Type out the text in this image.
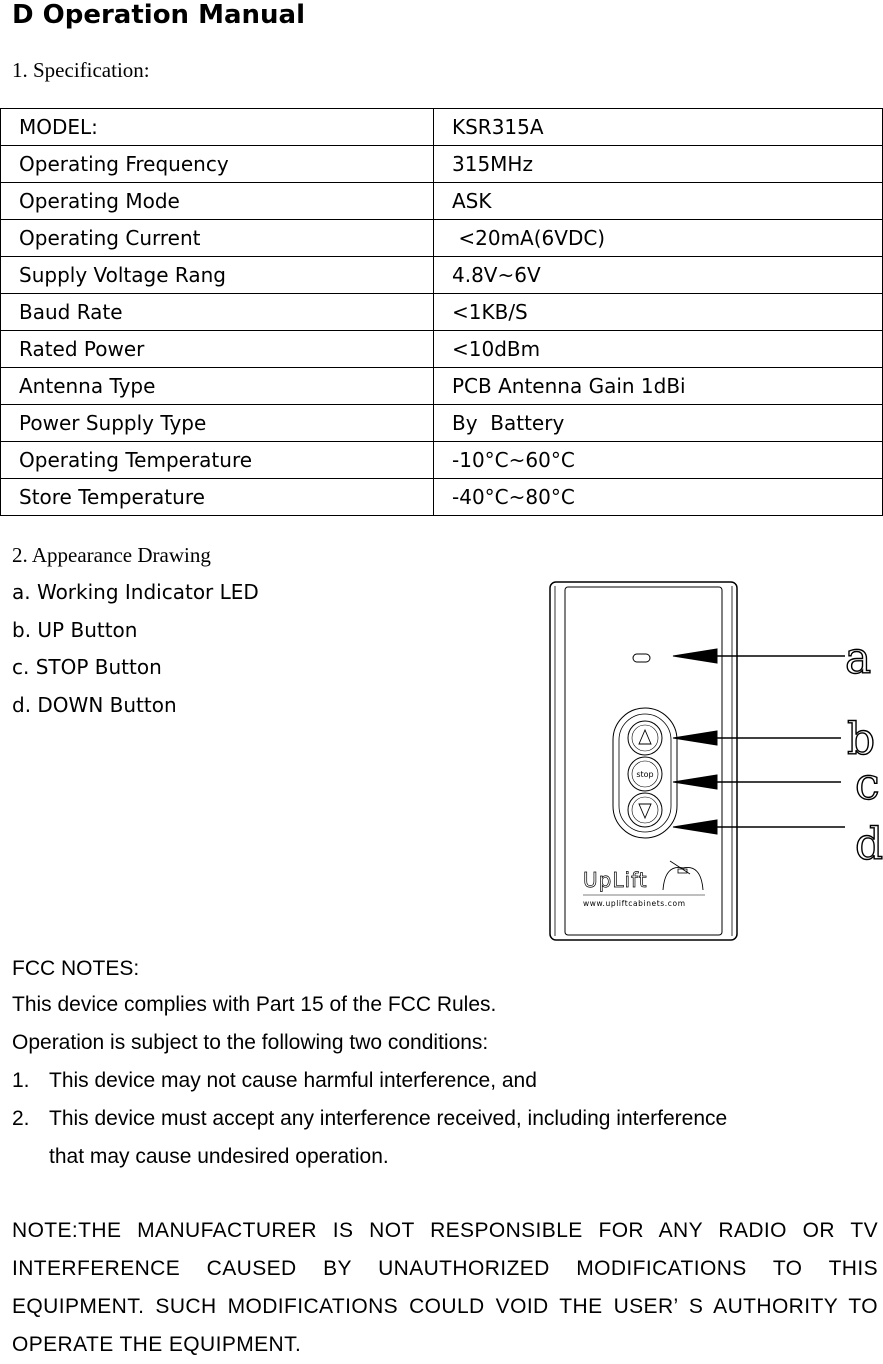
D Operation Manual
1. Specification:
MODEL:	KSR315A
Operating Frequency	315MHz
Operating Mode	ASK
Operating Current	<20mA(6VDC)
Supply Voltage Rang	4.8V~6V
Baud Rate	<1KB/S
Rated Power	<10dBm
Antenna Type	PCB Antenna Gain 1dBi
Power Supply Type	By  Battery
Operating Temperature	-10°C~60°C
Store Temperature	-40°C~80°C
2. Appearance Drawing
a. Working Indicator LED
b. UP Button
c. STOP Button
d. DOWN Button
stop
UpLift
www.upliftcabinets.com
a
b
c
d
FCC NOTES:
This device complies with Part 15 of the FCC Rules.
Operation is subject to the following two conditions:
1. This device may not cause harmful interference, and
2. This device must accept any interference received, including interference
that may cause undesired operation.
NOTE:THE MANUFACTURER IS NOT RESPONSIBLE FOR ANY RADIO OR TV INTERFERENCE CAUSED BY UNAUTHORIZED MODIFICATIONS TO THIS EQUIPMENT. SUCH MODIFICATIONS COULD VOID THE USER’ S AUTHORITY TO OPERATE THE EQUIPMENT.
